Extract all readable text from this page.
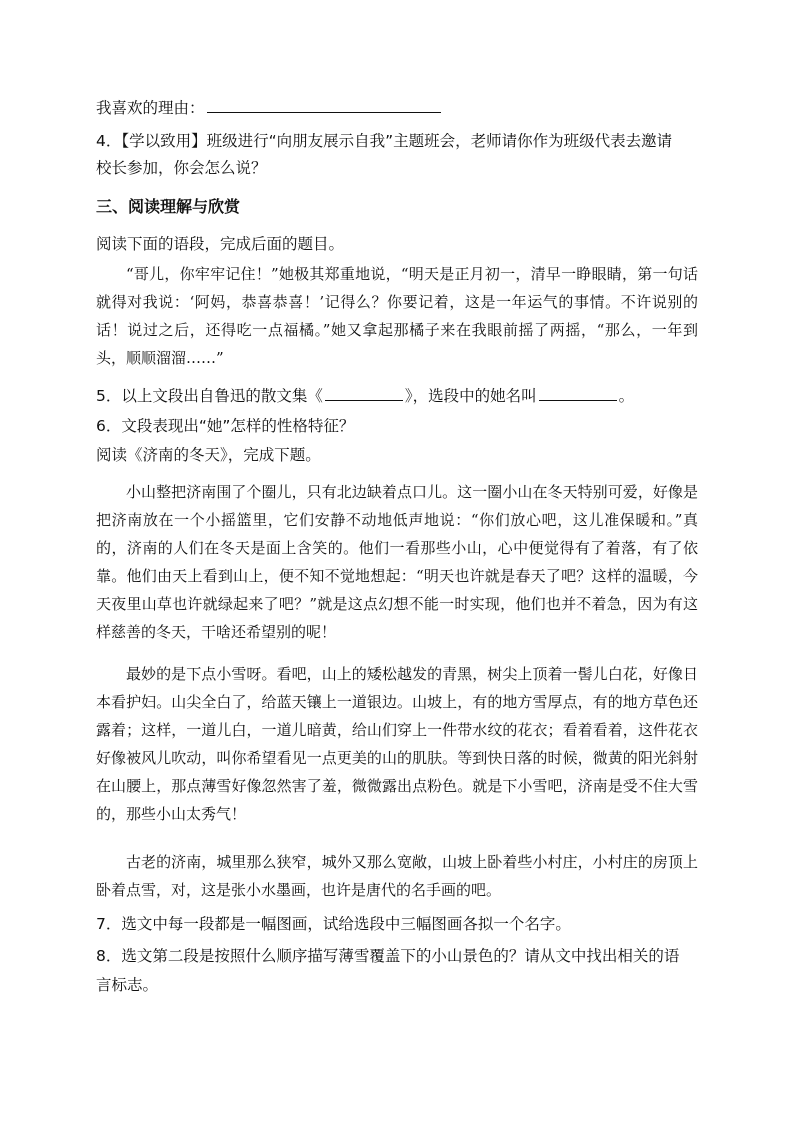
我喜欢的理由：
4．【学以致用】班级进行“向朋友展示自我”主题班会，老师请你作为班级代表去邀请
校长参加，你会怎么说？
三、阅读理解与欣赏
阅读下面的语段，完成后面的题目。
“哥儿，你牢牢记住！”她极其郑重地说，“明天是正月初一，清早一睁眼睛，第一句话就得对我说：‘阿妈，恭喜恭喜！’记得么？你要记着，这是一年运气的事情。不许说别的话！说过之后，还得吃一点福橘。”她又拿起那橘子来在我眼前摇了两摇，“那么，一年到头，顺顺溜溜……”
5．以上文段出自鲁迅的散文集《	》，选段中的她名叫	。
6．文段表现出“她”怎样的性格特征？
阅读《济南的冬天》，完成下题。
小山整把济南围了个圈儿，只有北边缺着点口儿。这一圈小山在冬天特别可爱，好像是把济南放在一个小摇篮里，它们安静不动地低声地说：“你们放心吧，这儿准保暖和。”真的，济南的人们在冬天是面上含笑的。他们一看那些小山，心中便觉得有了着落，有了依靠。他们由天上看到山上，便不知不觉地想起：“明天也许就是春天了吧？这样的温暖，今天夜里山草也许就绿起来了吧？”就是这点幻想不能一时实现，他们也并不着急，因为有这样慈善的冬天，干啥还希望别的呢！
最妙的是下点小雪呀。看吧，山上的矮松越发的青黑，树尖上顶着一髻儿白花，好像日本看护妇。山尖全白了，给蓝天镶上一道银边。山坡上，有的地方雪厚点，有的地方草色还露着；这样，一道儿白，一道儿暗黄，给山们穿上一件带水纹的花衣；看着看着，这件花衣好像被风儿吹动，叫你希望看见一点更美的山的肌肤。等到快日落的时候，微黄的阳光斜射在山腰上，那点薄雪好像忽然害了羞，微微露出点粉色。就是下小雪吧，济南是受不住大雪的，那些小山太秀气！
古老的济南，城里那么狭窄，城外又那么宽敞，山坡上卧着些小村庄，小村庄的房顶上卧着点雪，对，这是张小水墨画，也许是唐代的名手画的吧。
7．选文中每一段都是一幅图画，试给选段中三幅图画各拟一个名字。
8．选文第二段是按照什么顺序描写薄雪覆盖下的小山景色的？请从文中找出相关的语
言标志。
